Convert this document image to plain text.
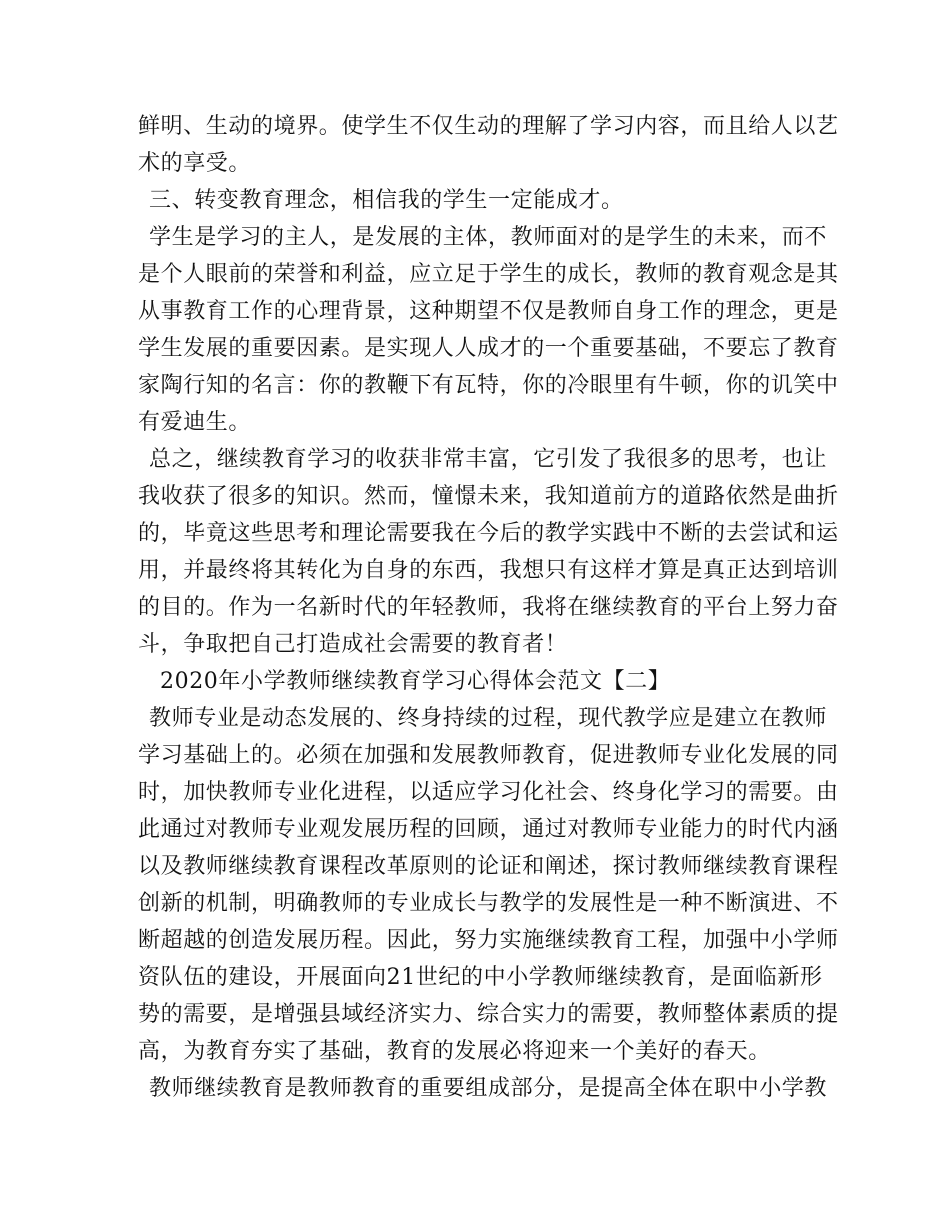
鲜明、生动的境界。使学生不仅生动的理解了学习内容，而且给人以艺
术的享受。
三、转变教育理念，相信我的学生一定能成才。
学生是学习的主人，是发展的主体，教师面对的是学生的未来，而不
是个人眼前的荣誉和利益，应立足于学生的成长，教师的教育观念是其
从事教育工作的心理背景，这种期望不仅是教师自身工作的理念，更是
学生发展的重要因素。是实现人人成才的一个重要基础，不要忘了教育
家陶行知的名言：你的教鞭下有瓦特，你的冷眼里有牛顿，你的讥笑中
有爱迪生。
总之，继续教育学习的收获非常丰富，它引发了我很多的思考，也让
我收获了很多的知识。然而，憧憬未来，我知道前方的道路依然是曲折
的，毕竟这些思考和理论需要我在今后的教学实践中不断的去尝试和运
用，并最终将其转化为自身的东西，我想只有这样才算是真正达到培训
的目的。作为一名新时代的年轻教师，我将在继续教育的平台上努力奋
斗，争取把自己打造成社会需要的教育者！
2020年小学教师继续教育学习心得体会范文【二】
教师专业是动态发展的、终身持续的过程，现代教学应是建立在教师
学习基础上的。必须在加强和发展教师教育，促进教师专业化发展的同
时，加快教师专业化进程，以适应学习化社会、终身化学习的需要。由
此通过对教师专业观发展历程的回顾，通过对教师专业能力的时代内涵
以及教师继续教育课程改革原则的论证和阐述，探讨教师继续教育课程
创新的机制，明确教师的专业成长与教学的发展性是一种不断演进、不
断超越的创造发展历程。因此，努力实施继续教育工程，加强中小学师
资队伍的建设，开展面向21世纪的中小学教师继续教育，是面临新形
势的需要，是增强县域经济实力、综合实力的需要，教师整体素质的提
高，为教育夯实了基础，教育的发展必将迎来一个美好的春天。
教师继续教育是教师教育的重要组成部分，是提高全体在职中小学教
